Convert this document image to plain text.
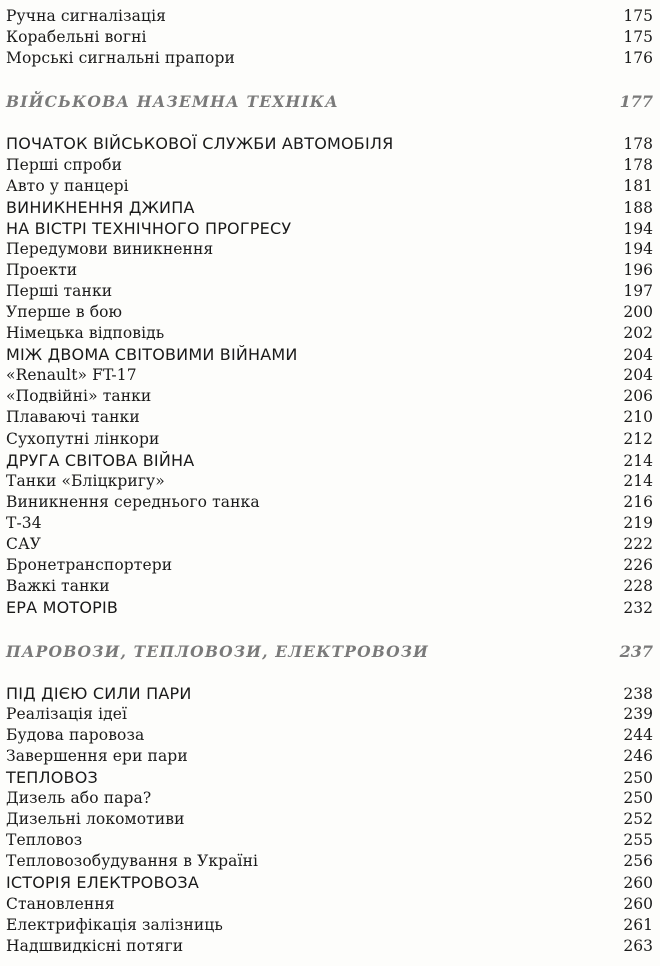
Ручна сигналізація	175
Корабельні вогні	175
Морські сигнальні прапори	176
ВІЙСЬКОВА НАЗЕМНА ТЕХНІКА	177
ПОЧАТОК ВІЙСЬКОВОЇ СЛУЖБИ АВТОМОБІЛЯ	178
Перші спроби	178
Авто у панцері	181
ВИНИКНЕННЯ ДЖИПА	188
НА ВІСТРІ ТЕХНІЧНОГО ПРОГРЕСУ	194
Передумови виникнення	194
Проекти	196
Перші танки	197
Уперше в бою	200
Німецька відповідь	202
МІЖ ДВОМА СВІТОВИМИ ВІЙНАМИ	204
«Renault» FT-17	204
«Подвійні» танки	206
Плаваючі танки	210
Сухопутні лінкори	212
ДРУГА СВІТОВА ВІЙНА	214
Танки «Бліцкригу»	214
Виникнення середнього танка	216
Т-34	219
САУ	222
Бронетранспортери	226
Важкі танки	228
ЕРА МОТОРІВ	232
ПАРОВОЗИ, ТЕПЛОВОЗИ, ЕЛЕКТРОВОЗИ	237
ПІД ДІЄЮ СИЛИ ПАРИ	238
Реалізація ідеї	239
Будова паровоза	244
Завершення ери пари	246
ТЕПЛОВОЗ	250
Дизель або пара?	250
Дизельні локомотиви	252
Тепловоз	255
Тепловозобудування в Україні	256
ІСТОРІЯ ЕЛЕКТРОВОЗА	260
Становлення	260
Електрифікація залізниць	261
Надшвидкісні потяги	263
